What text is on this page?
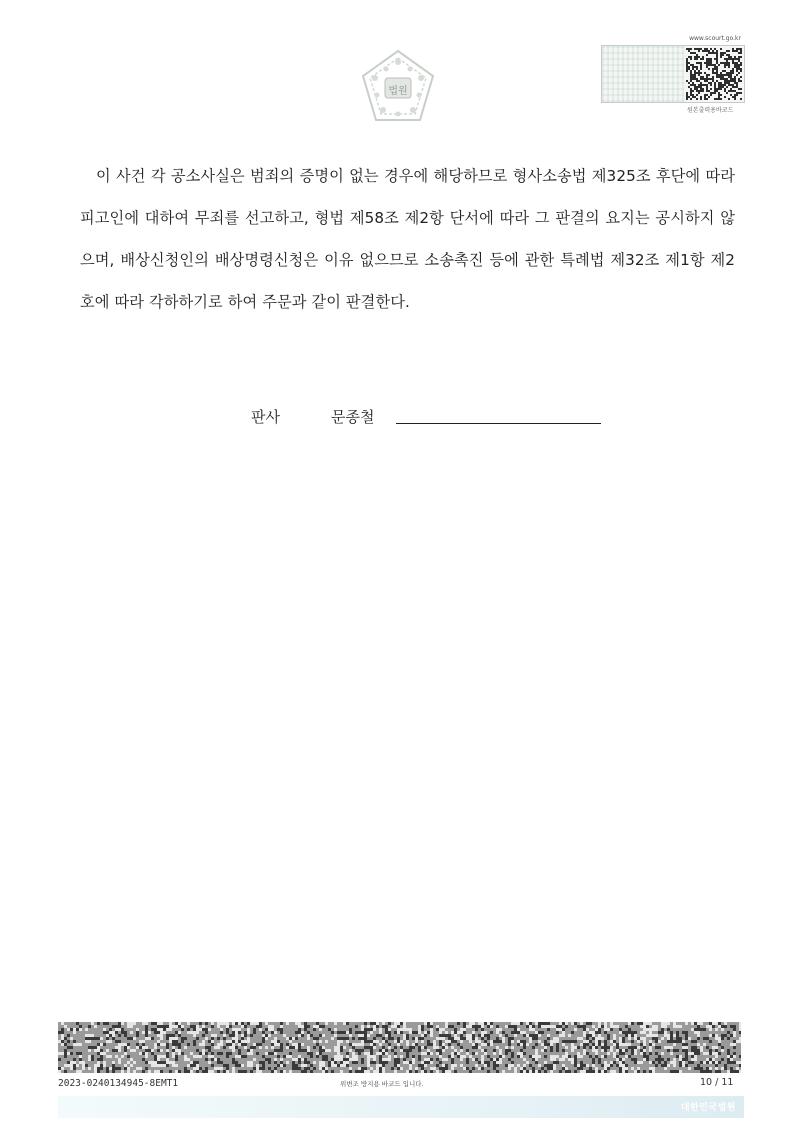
법원
www.scourt.go.kr
원본출력용바코드

이 사건 각 공소사실은 범죄의 증명이 없는 경우에 해당하므로 형사소송법 제325조 후단에 따라 피고인에 대하여 무죄를 선고하고, 형법 제58조 제2항 단서에 따라 그 판결의 요지는 공시하지 않으며, 배상신청인의 배상명령신청은 이유 없으므로 소송촉진 등에 관한 특례법 제32조 제1항 제2호에 따라 각하하기로 하여 주문과 같이 판결한다.

판사	문종철
2023-0240134945-8EMT1	위변조 방지용 바코드 입니다.	10 / 11
대한민국법원
